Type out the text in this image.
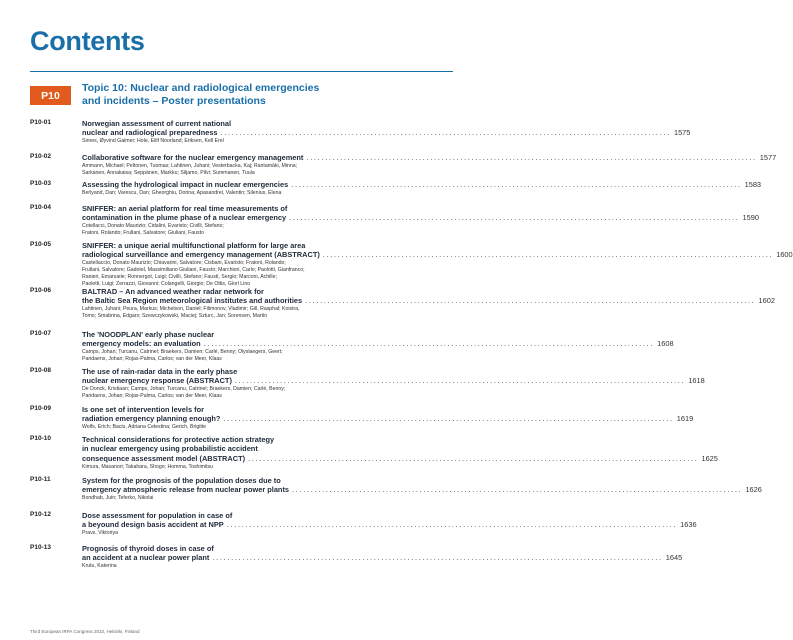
Contents
P10
Topic 10: Nuclear and radiological emergencies
and incidents – Poster presentations
P10-01	Norwegian assessment of current national
nuclear and radiological preparedness ........................................................................................................................ 1575
Sirnes, Øyvind Gaimer; Hole, Eilif Noorland; Eriksen, Kell Erel
P10-02	Collaborative software for the nuclear emergency management ........................................................................................................................ 1577
Ammann, Michael; Peltonen, Tuomas; Lahtinen, Juhani; Vesterbacka, Kaj; Rantamäki, Minna;
Sarkanen, Annakaisa; Seppänen, Markku; Siljamo, Pilvi; Summanen, Tuula
P10-03	Assessing the hydrological impact in nuclear emergencies ........................................................................................................................ 1583
Berlyand, Dan; Varescu, Dan; Gheorghiu, Dorina; Apasandrei, Valentin; Silenius, Elena
P10-04	SNIFFER: an aerial platform for real time measurements of
contamination in the plume phase of a nuclear emergency ........................................................................................................................ 1590
Cotellacci, Donato Maurizio; Cidalini, Evaristo; Civilli, Stefano;
Fratoni, Rolando; Frullani, Salvatore; Giuliani, Fausto
P10-05	SNIFFER: a unique aerial multifunctional platform for large area
radiological surveillance and emergency management (ABSTRACT) ........................................................................................................................ 1600
Castellaccio, Donato Maurizio; Chiavarini, Salvatore; Cisbani, Evaristo; Fratoni, Rolando;
Frullani, Salvatore; Gadotel, Massimiliano Giuliani, Fausto; Marchiori, Carlo; Paolotti, Gianfranco;
Ranieri, Emanuele; Ronnergot, Luigi; Civilli, Stefano; Fausti, Sergio; Marconi, Achille;
Paoletti, Luigi; Zerrazzi, Giovanni; Colangelli, Giorgio; De Ottis, Giorl Lino
P10-06	BALTRAD – An advanced weather radar network for
the Baltic Sea Region meteorological institutes and authorities ........................................................................................................................ 1602
Lahtinen, Juhani; Peura, Markus; Michelson, Daniel; Filimonov, Vladimir; Gill, Rasphal; Koistra,
Tomo; Smabrina, Edgars; Szewczykowski, Maciej; Szturc, Jan; Sorensen, Martin
P10-07	The 'NOODPLAN' early phase nuclear
emergency models: an evaluation ........................................................................................................................ 1608
Camps, Johan; Turcanu, Catrinel; Braekers, Damien; Carlé, Benny; Olyslaegers, Geert;
Paridaens, Johan; Rojas-Palma, Carlos; van der Meer, Klaas
P10-08	The use of rain-radar data in the early phase
nuclear emergency response (ABSTRACT) ........................................................................................................................ 1618
De Donck, Kristiaan; Camps, Johan; Turcanu, Catrinel; Braekers, Damien; Carlé, Benny;
Paridaens, Johan; Rojas-Palma, Carlos; van der Meer, Klaas
P10-09	Is one set of intervention levels for
radiation emergency planning enough? ........................................................................................................................ 1619
Wolfs, Erich; Baciu, Adriana Celestina; Gerich, Brigitte
P10-10	Technical considerations for protective action strategy
in nuclear emergency using probabilistic accident
consequence assessment model (ABSTRACT) ........................................................................................................................ 1625
Kimura, Masanori; Takahara, Shogo; Homma, Toshimitsu
P10-11	System for the prognosis of the population doses due to
emergency atmospheric release from nuclear power plants ........................................................................................................................ 1626
Bondhab, Juin; Teferko, Nikolai
P10-12	Dose assessment for population in case of
a beyound design basis accident at NPP ........................................................................................................................ 1636
Pravs, Viktoriya
P10-13	Prognosis of thyroid doses in case of
an accident at a nuclear power plant ........................................................................................................................ 1645
Krutu, Katerina
Third European IRPA Congress 2010, Helsinki, Finland
